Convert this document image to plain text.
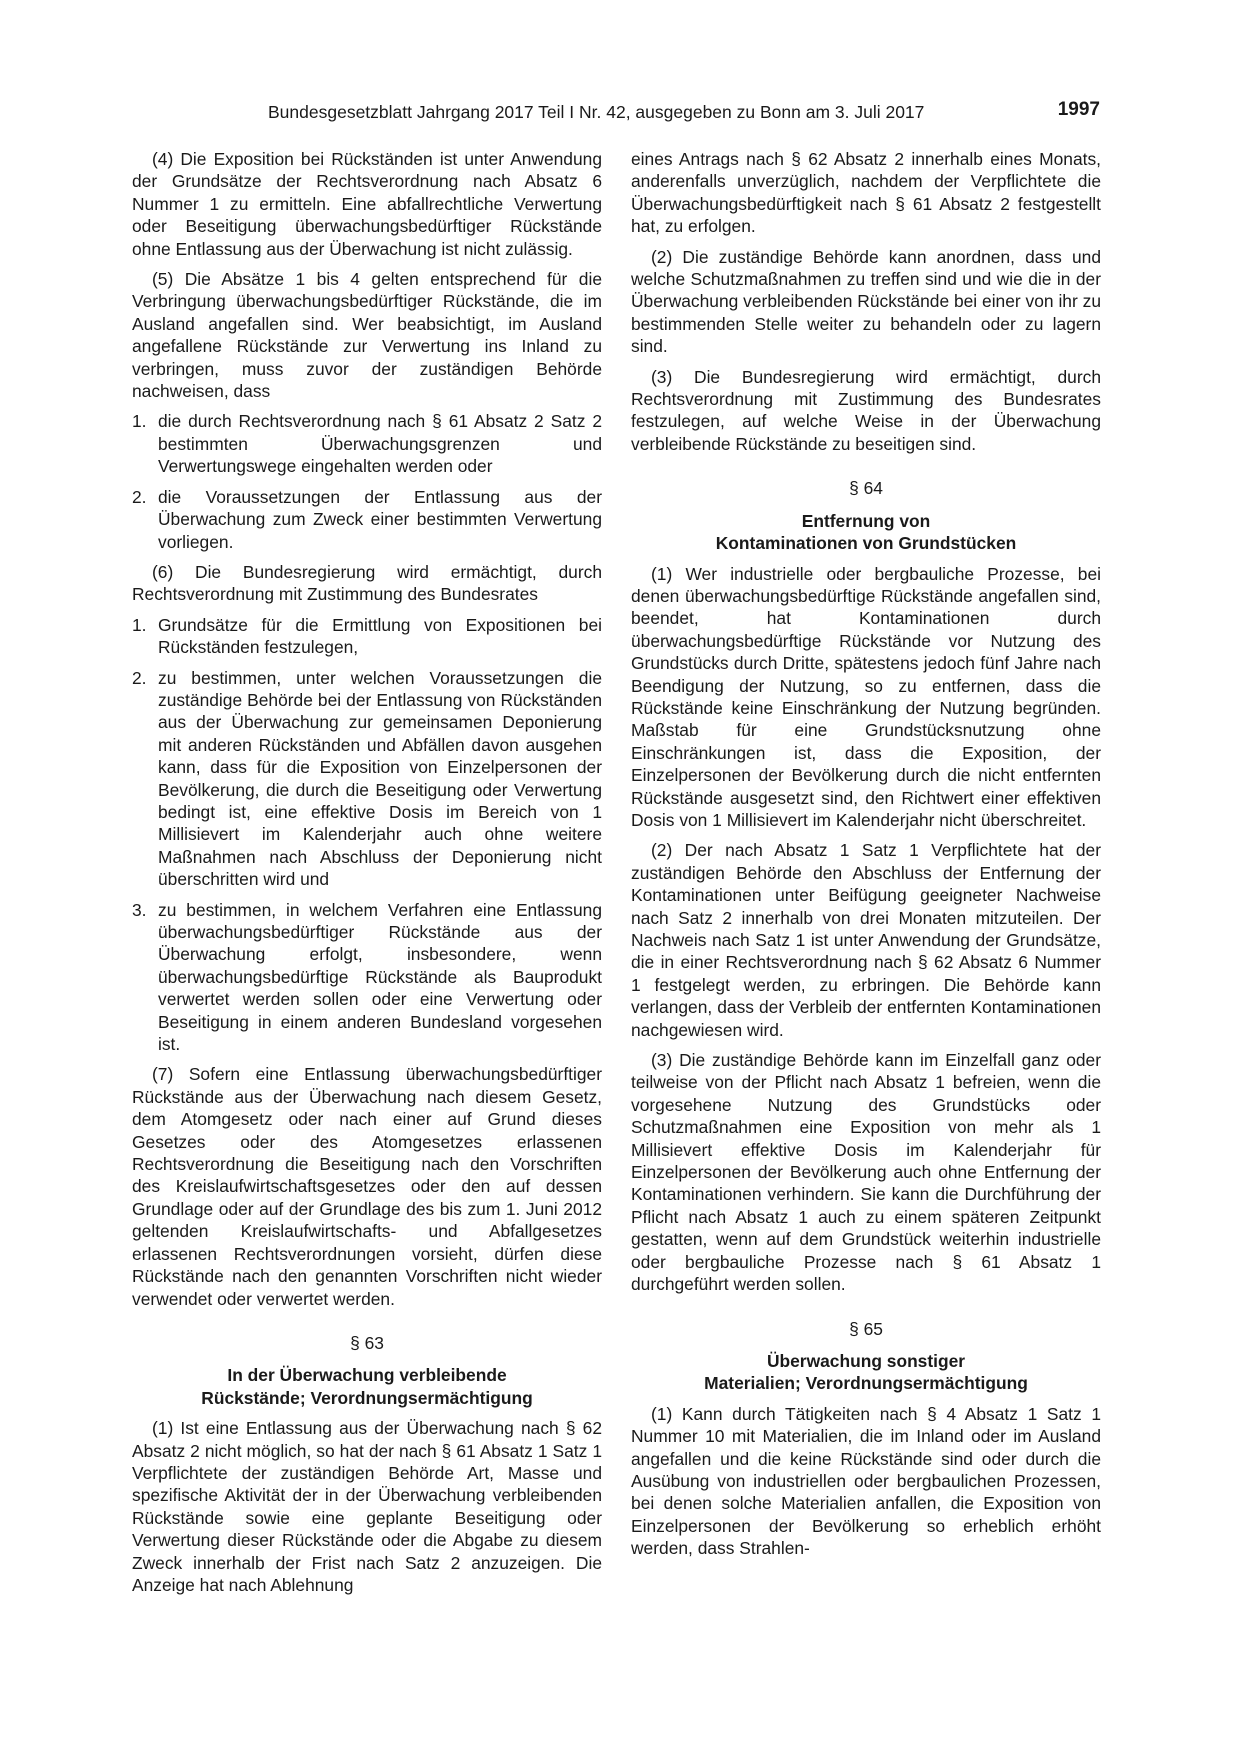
Bundesgesetzblatt Jahrgang 2017 Teil I Nr. 42, ausgegeben zu Bonn am 3. Juli 2017	1997

(4) Die Exposition bei Rückständen ist unter Anwendung der Grundsätze der Rechtsverordnung nach Absatz 6 Nummer 1 zu ermitteln. Eine abfallrechtliche Verwertung oder Beseitigung überwachungsbedürftiger Rückstände ohne Entlassung aus der Überwachung ist nicht zulässig.

(5) Die Absätze 1 bis 4 gelten entsprechend für die Verbringung überwachungsbedürftiger Rückstände, die im Ausland angefallen sind. Wer beabsichtigt, im Ausland angefallene Rückstände zur Verwertung ins Inland zu verbringen, muss zuvor der zuständigen Behörde nachweisen, dass

1. die durch Rechtsverordnung nach § 61 Absatz 2 Satz 2 bestimmten Überwachungsgrenzen und Verwertungswege eingehalten werden oder
2. die Voraussetzungen der Entlassung aus der Überwachung zum Zweck einer bestimmten Verwertung vorliegen.

(6) Die Bundesregierung wird ermächtigt, durch Rechtsverordnung mit Zustimmung des Bundesrates

1. Grundsätze für die Ermittlung von Expositionen bei Rückständen festzulegen,
2. zu bestimmen, unter welchen Voraussetzungen die zuständige Behörde bei der Entlassung von Rückständen aus der Überwachung zur gemeinsamen Deponierung mit anderen Rückständen und Abfällen davon ausgehen kann, dass für die Exposition von Einzelpersonen der Bevölkerung, die durch die Beseitigung oder Verwertung bedingt ist, eine effektive Dosis im Bereich von 1 Millisievert im Kalenderjahr auch ohne weitere Maßnahmen nach Abschluss der Deponierung nicht überschritten wird und
3. zu bestimmen, in welchem Verfahren eine Entlassung überwachungsbedürftiger Rückstände aus der Überwachung erfolgt, insbesondere, wenn überwachungsbedürftige Rückstände als Bauprodukt verwertet werden sollen oder eine Verwertung oder Beseitigung in einem anderen Bundesland vorgesehen ist.

(7) Sofern eine Entlassung überwachungsbedürftiger Rückstände aus der Überwachung nach diesem Gesetz, dem Atomgesetz oder nach einer auf Grund dieses Gesetzes oder des Atomgesetzes erlassenen Rechtsverordnung die Beseitigung nach den Vorschriften des Kreislaufwirtschaftsgesetzes oder den auf dessen Grundlage oder auf der Grundlage des bis zum 1. Juni 2012 geltenden Kreislaufwirtschafts- und Abfallgesetzes erlassenen Rechtsverordnungen vorsieht, dürfen diese Rückstände nach den genannten Vorschriften nicht wieder verwendet oder verwertet werden.

§ 63
In der Überwachung verbleibende
Rückstände; Verordnungsermächtigung

(1) Ist eine Entlassung aus der Überwachung nach § 62 Absatz 2 nicht möglich, so hat der nach § 61 Absatz 1 Satz 1 Verpflichtete der zuständigen Behörde Art, Masse und spezifische Aktivität der in der Überwachung verbleibenden Rückstände sowie eine geplante Beseitigung oder Verwertung dieser Rückstände oder die Abgabe zu diesem Zweck innerhalb der Frist nach Satz 2 anzuzeigen. Die Anzeige hat nach Ablehnung

eines Antrags nach § 62 Absatz 2 innerhalb eines Monats, anderenfalls unverzüglich, nachdem der Verpflichtete die Überwachungsbedürftigkeit nach § 61 Absatz 2 festgestellt hat, zu erfolgen.

(2) Die zuständige Behörde kann anordnen, dass und welche Schutzmaßnahmen zu treffen sind und wie die in der Überwachung verbleibenden Rückstände bei einer von ihr zu bestimmenden Stelle weiter zu behandeln oder zu lagern sind.

(3) Die Bundesregierung wird ermächtigt, durch Rechtsverordnung mit Zustimmung des Bundesrates festzulegen, auf welche Weise in der Überwachung verbleibende Rückstände zu beseitigen sind.

§ 64
Entfernung von
Kontaminationen von Grundstücken

(1) Wer industrielle oder bergbauliche Prozesse, bei denen überwachungsbedürftige Rückstände angefallen sind, beendet, hat Kontaminationen durch überwachungsbedürftige Rückstände vor Nutzung des Grundstücks durch Dritte, spätestens jedoch fünf Jahre nach Beendigung der Nutzung, so zu entfernen, dass die Rückstände keine Einschränkung der Nutzung begründen. Maßstab für eine Grundstücksnutzung ohne Einschränkungen ist, dass die Exposition, der Einzelpersonen der Bevölkerung durch die nicht entfernten Rückstände ausgesetzt sind, den Richtwert einer effektiven Dosis von 1 Millisievert im Kalenderjahr nicht überschreitet.

(2) Der nach Absatz 1 Satz 1 Verpflichtete hat der zuständigen Behörde den Abschluss der Entfernung der Kontaminationen unter Beifügung geeigneter Nachweise nach Satz 2 innerhalb von drei Monaten mitzuteilen. Der Nachweis nach Satz 1 ist unter Anwendung der Grundsätze, die in einer Rechtsverordnung nach § 62 Absatz 6 Nummer 1 festgelegt werden, zu erbringen. Die Behörde kann verlangen, dass der Verbleib der entfernten Kontaminationen nachgewiesen wird.

(3) Die zuständige Behörde kann im Einzelfall ganz oder teilweise von der Pflicht nach Absatz 1 befreien, wenn die vorgesehene Nutzung des Grundstücks oder Schutzmaßnahmen eine Exposition von mehr als 1 Millisievert effektive Dosis im Kalenderjahr für Einzelpersonen der Bevölkerung auch ohne Entfernung der Kontaminationen verhindern. Sie kann die Durchführung der Pflicht nach Absatz 1 auch zu einem späteren Zeitpunkt gestatten, wenn auf dem Grundstück weiterhin industrielle oder bergbauliche Prozesse nach § 61 Absatz 1 durchgeführt werden sollen.

§ 65
Überwachung sonstiger
Materialien; Verordnungsermächtigung

(1) Kann durch Tätigkeiten nach § 4 Absatz 1 Satz 1 Nummer 10 mit Materialien, die im Inland oder im Ausland angefallen und die keine Rückstände sind oder durch die Ausübung von industriellen oder bergbaulichen Prozessen, bei denen solche Materialien anfallen, die Exposition von Einzelpersonen der Bevölkerung so erheblich erhöht werden, dass Strahlen-
